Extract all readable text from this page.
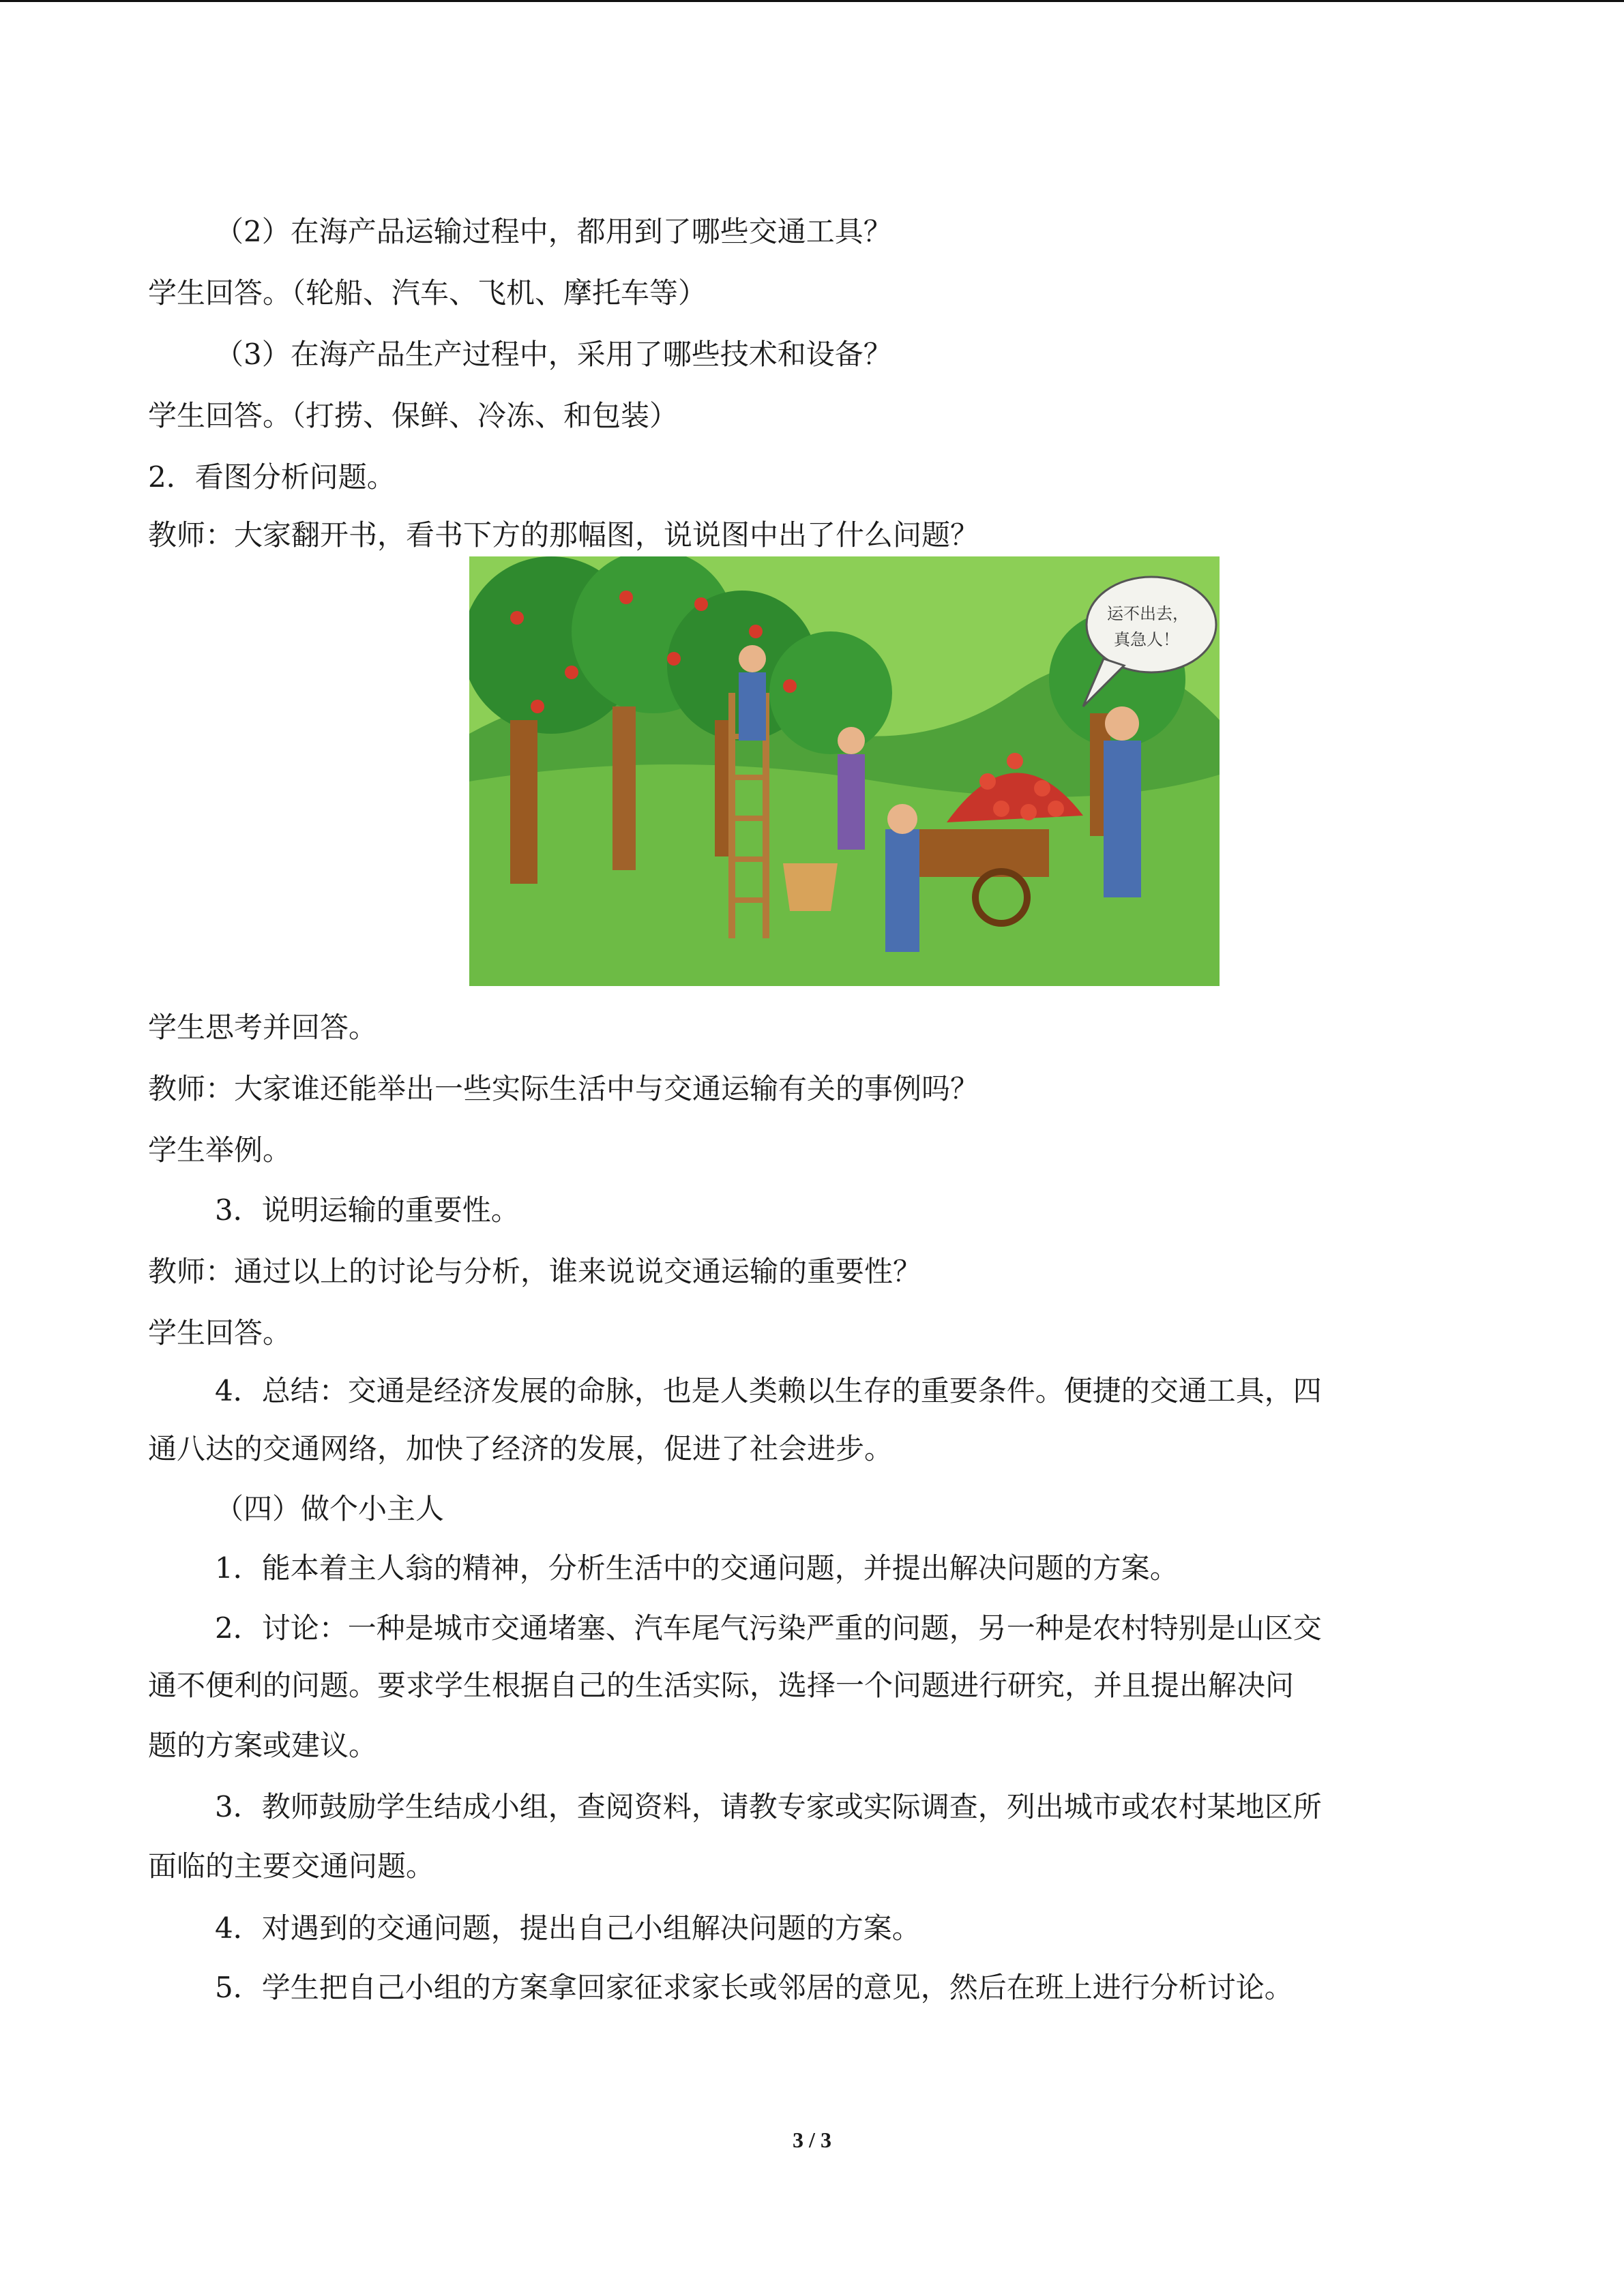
（2）在海产品运输过程中，都用到了哪些交通工具？
学生回答。（轮船、汽车、飞机、摩托车等）
（3）在海产品生产过程中，采用了哪些技术和设备？
学生回答。（打捞、保鲜、冷冻、和包装）
2．看图分析问题。
教师：大家翻开书，看书下方的那幅图，说说图中出了什么问题？
运不出去，
真急人！
学生思考并回答。
教师：大家谁还能举出一些实际生活中与交通运输有关的事例吗？
学生举例。
3．说明运输的重要性。
教师：通过以上的讨论与分析，谁来说说交通运输的重要性？
学生回答。
4．总结：交通是经济发展的命脉，也是人类赖以生存的重要条件。便捷的交通工具，四
通八达的交通网络，加快了经济的发展，促进了社会进步。
（四）做个小主人
1．能本着主人翁的精神，分析生活中的交通问题，并提出解决问题的方案。
2．讨论：一种是城市交通堵塞、汽车尾气污染严重的问题，另一种是农村特别是山区交
通不便利的问题。要求学生根据自己的生活实际，选择一个问题进行研究，并且提出解决问
题的方案或建议。
3．教师鼓励学生结成小组，查阅资料，请教专家或实际调查，列出城市或农村某地区所
面临的主要交通问题。
4．对遇到的交通问题，提出自己小组解决问题的方案。
5．学生把自己小组的方案拿回家征求家长或邻居的意见，然后在班上进行分析讨论。
3 / 3
